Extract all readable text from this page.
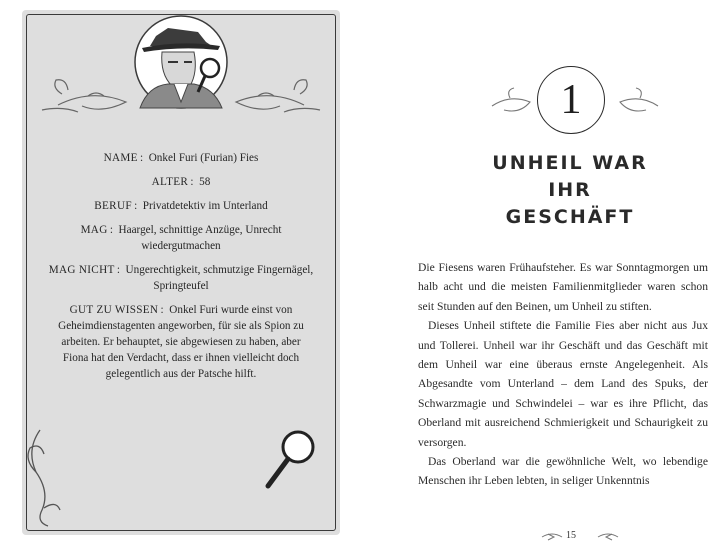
NAME : Onkel Furi (Furian) Fies

ALTER : 58

BERUF : Privatdetektiv im Unterland

MAG : Haargel, schnittige Anzüge, Unrecht wiedergutmachen

MAG NICHT : Ungerechtigkeit, schmutzige Fingernägel, Springteufel

GUT ZU WISSEN : Onkel Furi wurde einst von Geheimdienstagenten angeworben, für sie als Spion zu arbeiten. Er behauptet, sie abgewiesen zu haben, aber Fiona hat den Verdacht, dass er ihnen vielleicht doch gelegentlich aus der Patsche hilft.

1
UNHEIL WAR
IHR GESCHÄFT

Die Fiesens waren Frühaufsteher. Es war Sonntagmorgen um halb acht und die meisten Familienmitglieder waren schon seit Stunden auf den Beinen, um Unheil zu stiften.

Dieses Unheil stiftete die Familie Fies aber nicht aus Jux und Tollerei. Unheil war ihr Geschäft und das Geschäft mit dem Unheil war eine überaus ernste Angelegenheit. Als Abgesandte vom Unterland – dem Land des Spuks, der Schwarzmagie und Schwindelei – war es ihre Pflicht, das Oberland mit ausreichend Schmierigkeit und Schaurigkeit zu versorgen.

Das Oberland war die gewöhnliche Welt, wo lebendige Menschen ihr Leben lebten, in seliger Unkenntnis

15
